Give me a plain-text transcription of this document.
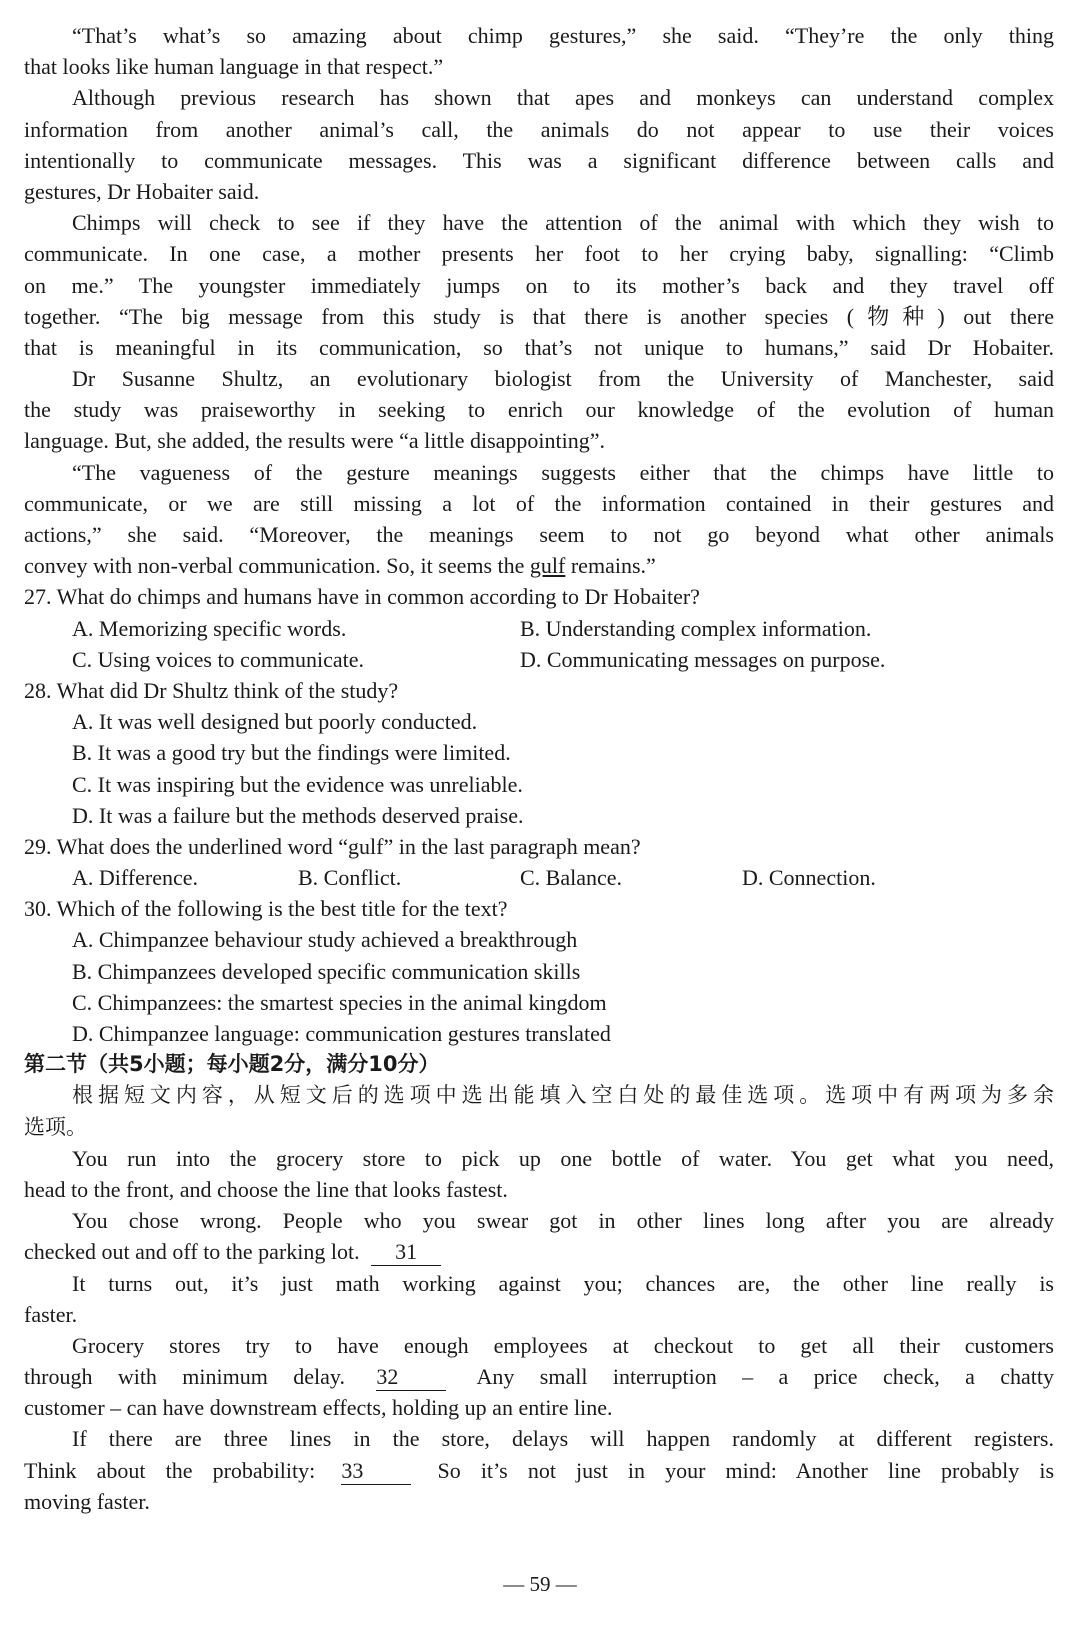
“That’s what’s so amazing about chimp gestures,” she said. “They’re the only thing
that looks like human language in that respect.”
Although previous research has shown that apes and monkeys can understand complex
information from another animal’s call, the animals do not appear to use their voices
intentionally to communicate messages. This was a significant difference between calls and
gestures, Dr Hobaiter said.
Chimps will check to see if they have the attention of the animal with which they wish to
communicate. In one case, a mother presents her foot to her crying baby, signalling: “Climb
on me.” The youngster immediately jumps on to its mother’s back and they travel off
together. “The big message from this study is that there is another species (物种) out there
that is meaningful in its communication, so that’s not unique to humans,” said Dr Hobaiter.
Dr Susanne Shultz, an evolutionary biologist from the University of Manchester, said
the study was praiseworthy in seeking to enrich our knowledge of the evolution of human
language. But, she added, the results were “a little disappointing”.
“The vagueness of the gesture meanings suggests either that the chimps have little to
communicate, or we are still missing a lot of the information contained in their gestures and
actions,” she said. “Moreover, the meanings seem to not go beyond what other animals
convey with non-verbal communication. So, it seems the gulf remains.”
27. What do chimps and humans have in common according to Dr Hobaiter?
A. Memorizing specific words.	B. Understanding complex information.
C. Using voices to communicate.	D. Communicating messages on purpose.
28. What did Dr Shultz think of the study?
A. It was well designed but poorly conducted.
B. It was a good try but the findings were limited.
C. It was inspiring but the evidence was unreliable.
D. It was a failure but the methods deserved praise.
29. What does the underlined word “gulf” in the last paragraph mean?
A. Difference.	B. Conflict.	C. Balance.	D. Connection.
30. Which of the following is the best title for the text?
A. Chimpanzee behaviour study achieved a breakthrough
B. Chimpanzees developed specific communication skills
C. Chimpanzees: the smartest species in the animal kingdom
D. Chimpanzee language: communication gestures translated
第二节（共5小题；每小题2分，满分10分）
根据短文内容，从短文后的选项中选出能填入空白处的最佳选项。选项中有两项为多余
选项。
You run into the grocery store to pick up one bottle of water. You get what you need,
head to the front, and choose the line that looks fastest.
You chose wrong. People who you swear got in other lines long after you are already
checked out and off to the parking lot. 31
It turns out, it’s just math working against you; chances are, the other line really is
faster.
Grocery stores try to have enough employees at checkout to get all their customers
through with minimum delay. 32	Any small interruption – a price check, a chatty
customer – can have downstream effects, holding up an entire line.
If there are three lines in the store, delays will happen randomly at different registers.
Think about the probability: 33	So it’s not just in your mind: Another line probably is
moving faster.
— 59 —
